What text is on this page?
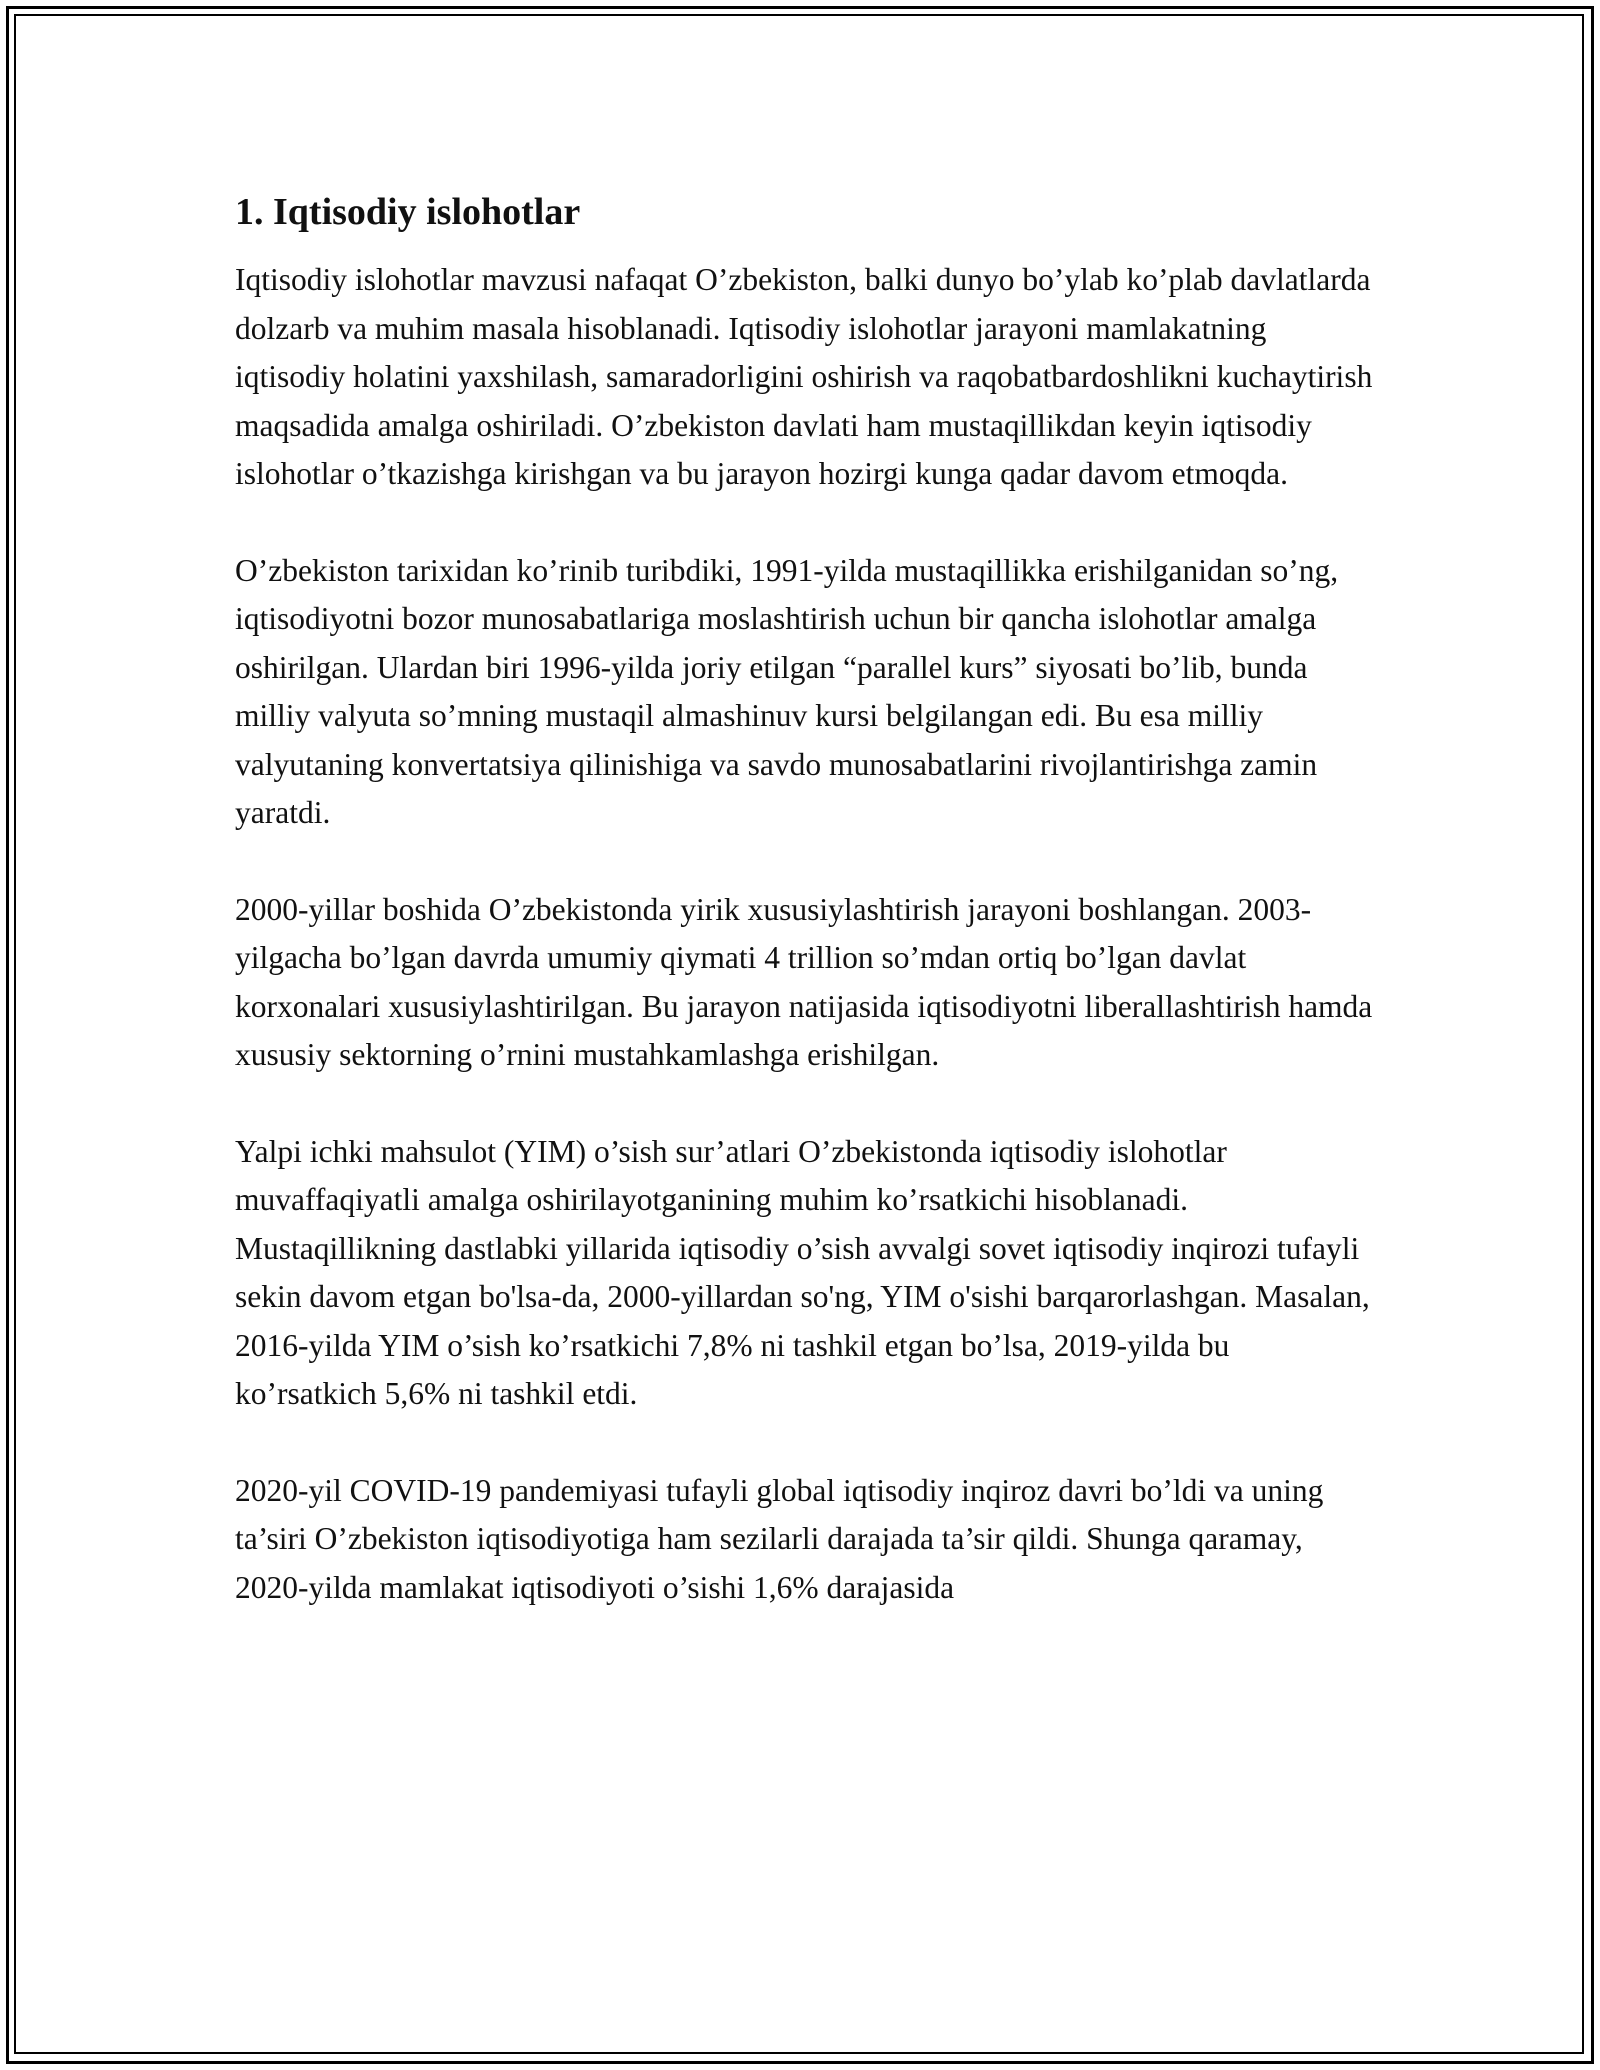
1. Iqtisodiy islohotlar

Iqtisodiy islohotlar mavzusi nafaqat O’zbekiston, balki dunyo bo’ylab ko’plab davlatlarda dolzarb va muhim masala hisoblanadi. Iqtisodiy islohotlar jarayoni mamlakatning iqtisodiy holatini yaxshilash, samaradorligini oshirish va raqobatbardoshlikni kuchaytirish maqsadida amalga oshiriladi. O’zbekiston davlati ham mustaqillikdan keyin iqtisodiy islohotlar o’tkazishga kirishgan va bu jarayon hozirgi kunga qadar davom etmoqda.

O’zbekiston tarixidan ko’rinib turibdiki, 1991-yilda mustaqillikka erishilganidan so’ng, iqtisodiyotni bozor munosabatlariga moslashtirish uchun bir qancha islohotlar amalga oshirilgan. Ulardan biri 1996-yilda joriy etilgan “parallel kurs” siyosati bo’lib, bunda milliy valyuta so’mning mustaqil almashinuv kursi belgilangan edi. Bu esa milliy valyutaning konvertatsiya qilinishiga va savdo munosabatlarini rivojlantirishga zamin yaratdi.

2000-yillar boshida O’zbekistonda yirik xususiylashtirish jarayoni boshlangan. 2003-yilgacha bo’lgan davrda umumiy qiymati 4 trillion so’mdan ortiq bo’lgan davlat korxonalari xususiylashtirilgan. Bu jarayon natijasida iqtisodiyotni liberallashtirish hamda xususiy sektorning o’rnini mustahkamlashga erishilgan.

Yalpi ichki mahsulot (YIM) o’sish sur’atlari O’zbekistonda iqtisodiy islohotlar muvaffaqiyatli amalga oshirilayotganining muhim ko’rsatkichi hisoblanadi. Mustaqillikning dastlabki yillarida iqtisodiy o’sish avvalgi sovet iqtisodiy inqirozi tufayli sekin davom etgan bo'lsa-da, 2000-yillardan so'ng, YIM o'sishi barqarorlashgan. Masalan, 2016-yilda YIM o’sish ko’rsatkichi 7,8% ni tashkil etgan bo’lsa, 2019-yilda bu ko’rsatkich 5,6% ni tashkil etdi.

2020-yil COVID-19 pandemiyasi tufayli global iqtisodiy inqiroz davri bo’ldi va uning ta’siri O’zbekiston iqtisodiyotiga ham sezilarli darajada ta’sir qildi. Shunga qaramay, 2020-yilda mamlakat iqtisodiyoti o’sishi 1,6% darajasida
